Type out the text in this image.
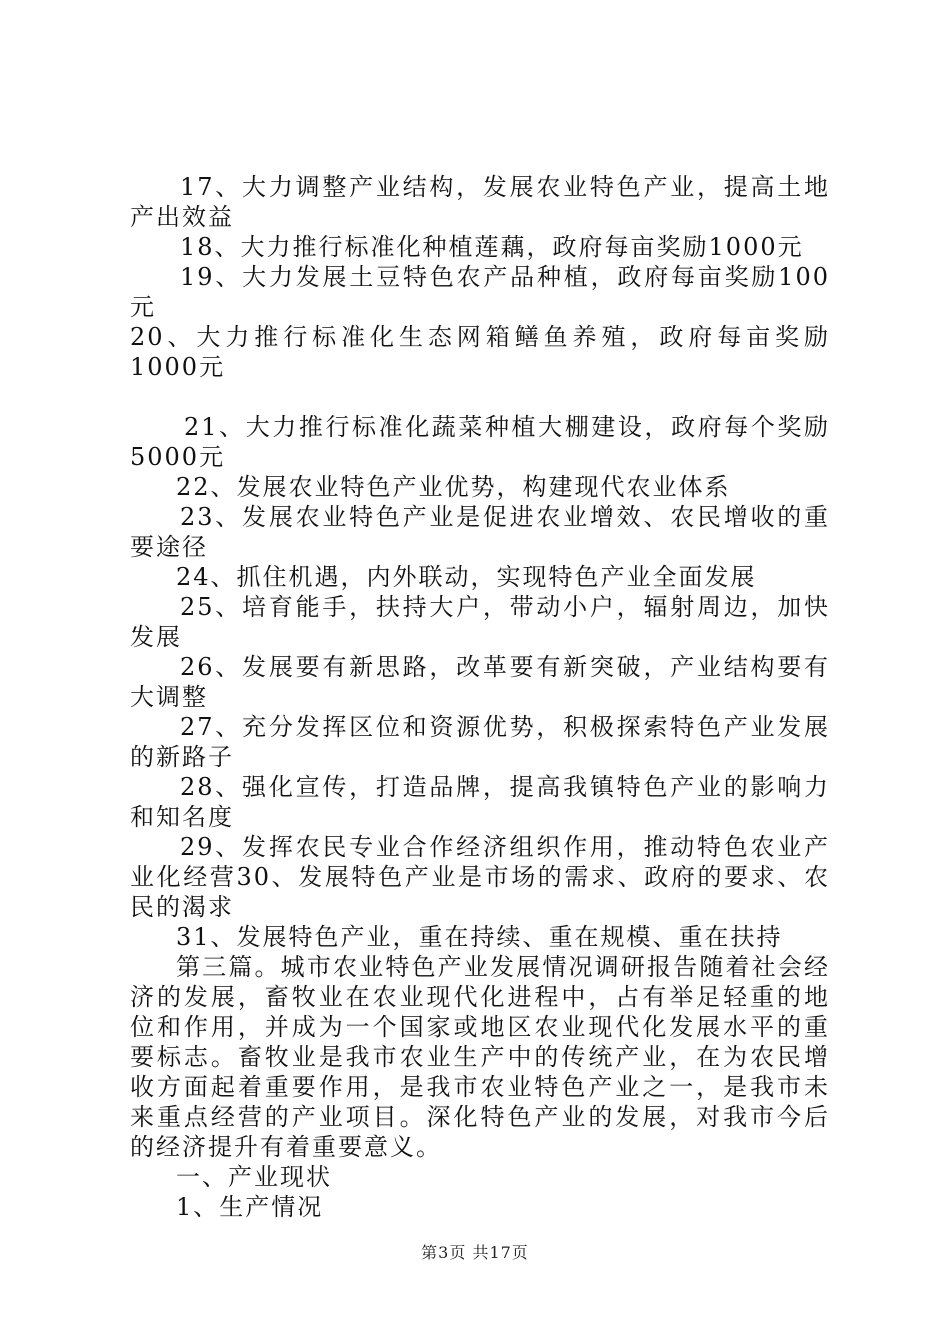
17、大力调整产业结构，发展农业特色产业，提高土地产出效益

18、大力推行标准化种植莲藕，政府每亩奖励1000元

19、大力发展土豆特色农产品种植，政府每亩奖励100元

20、大力推行标准化生态网箱鳝鱼养殖，政府每亩奖励1000元

21、大力推行标准化蔬菜种植大棚建设，政府每个奖励5000元

22、发展农业特色产业优势，构建现代农业体系

23、发展农业特色产业是促进农业增效、农民增收的重要途径

24、抓住机遇，内外联动，实现特色产业全面发展

25、培育能手，扶持大户，带动小户，辐射周边，加快发展

26、发展要有新思路，改革要有新突破，产业结构要有大调整

27、充分发挥区位和资源优势，积极探索特色产业发展的新路子

28、强化宣传，打造品牌，提高我镇特色产业的影响力和知名度

29、发挥农民专业合作经济组织作用，推动特色农业产业化经营30、发展特色产业是市场的需求、政府的要求、农民的渴求

31、发展特色产业，重在持续、重在规模、重在扶持

第三篇。城市农业特色产业发展情况调研报告随着社会经济的发展，畜牧业在农业现代化进程中，占有举足轻重的地位和作用，并成为一个国家或地区农业现代化发展水平的重要标志。畜牧业是我市农业生产中的传统产业，在为农民增收方面起着重要作用，是我市农业特色产业之一，是我市未来重点经营的产业项目。深化特色产业的发展，对我市今后的经济提升有着重要意义。

一、产业现状

1、生产情况

第3页 共17页
